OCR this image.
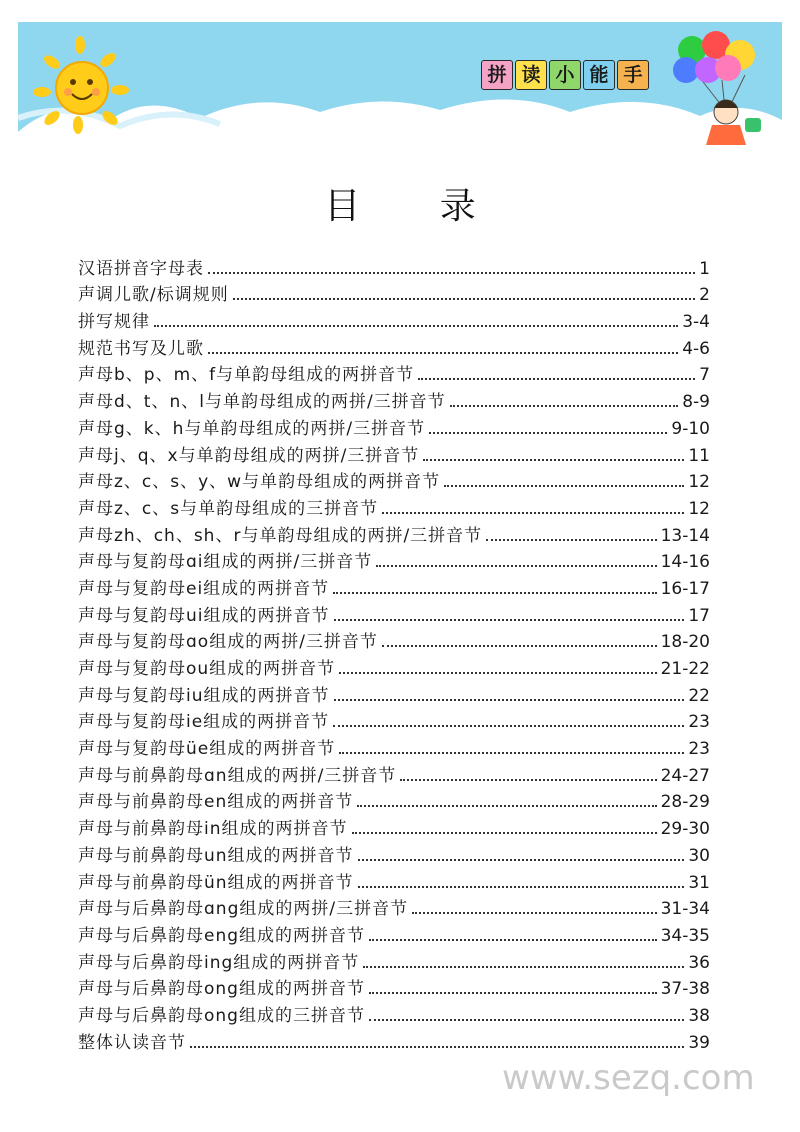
拼 读 小 能 手
目 录
汉语拼音字母表	1
声调儿歌/标调规则	2
拼写规律	3-4
规范书写及儿歌	4-6
声母b、p、m、f与单韵母组成的两拼音节	7
声母d、t、n、l与单韵母组成的两拼/三拼音节	8-9
声母g、k、h与单韵母组成的两拼/三拼音节	9-10
声母j、q、x与单韵母组成的两拼/三拼音节	11
声母z、c、s、y、w与单韵母组成的两拼音节	12
声母z、c、s与单韵母组成的三拼音节	12
声母zh、ch、sh、r与单韵母组成的两拼/三拼音节	13-14
声母与复韵母ɑi组成的两拼/三拼音节	14-16
声母与复韵母ei组成的两拼音节	16-17
声母与复韵母ui组成的两拼音节	17
声母与复韵母ɑo组成的两拼/三拼音节	18-20
声母与复韵母ou组成的两拼音节	21-22
声母与复韵母iu组成的两拼音节	22
声母与复韵母ie组成的两拼音节	23
声母与复韵母üe组成的两拼音节	23
声母与前鼻韵母ɑn组成的两拼/三拼音节	24-27
声母与前鼻韵母en组成的两拼音节	28-29
声母与前鼻韵母in组成的两拼音节	29-30
声母与前鼻韵母un组成的两拼音节	30
声母与前鼻韵母ün组成的两拼音节	31
声母与后鼻韵母ɑng组成的两拼/三拼音节	31-34
声母与后鼻韵母eng组成的两拼音节	34-35
声母与后鼻韵母ing组成的两拼音节	36
声母与后鼻韵母ong组成的两拼音节	37-38
声母与后鼻韵母ong组成的三拼音节	38
整体认读音节	39
www.sezq.com
